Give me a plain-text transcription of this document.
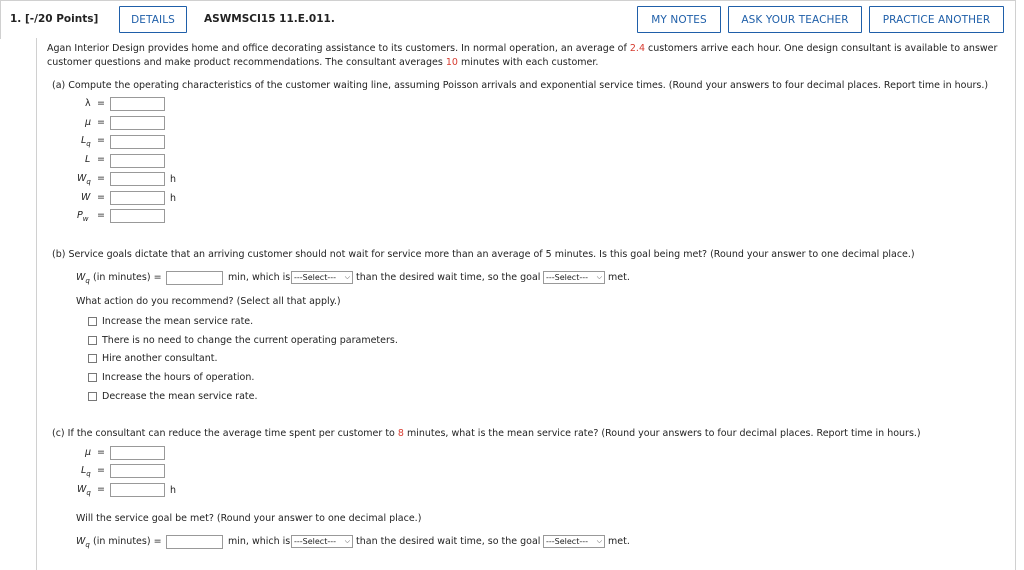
1. [-/20 Points]	DETAILS	ASWMSCI15 11.E.011.	MY NOTES	ASK YOUR TEACHER	PRACTICE ANOTHER
Agan Interior Design provides home and office decorating assistance to its customers. In normal operation, an average of 2.4 customers arrive each hour. One design consultant is available to answer
customer questions and make product recommendations. The consultant averages 10 minutes with each customer.
(a) Compute the operating characteristics of the customer waiting line, assuming Poisson arrivals and exponential service times. (Round your answers to four decimal places. Report time in hours.)
λ =
μ =
$L_q$ =
L =
$W_q$ =	h
W =	h
$P_w$ =
(b) Service goals dictate that an arriving customer should not wait for service more than an average of 5 minutes. Is this goal being met? (Round your answer to one decimal place.)
$W_q$ (in minutes) =	min, which is ---Select--- ⌵ than the desired wait time, so the goal ---Select--- ⌵ met.
What action do you recommend? (Select all that apply.)
Increase the mean service rate.
There is no need to change the current operating parameters.
Hire another consultant.
Increase the hours of operation.
Decrease the mean service rate.
(c) If the consultant can reduce the average time spent per customer to 8 minutes, what is the mean service rate? (Round your answers to four decimal places. Report time in hours.)
μ =
$L_q$ =
$W_q$ =	h
Will the service goal be met? (Round your answer to one decimal place.)
$W_q$ (in minutes) =	min, which is ---Select--- ⌵ than the desired wait time, so the goal ---Select--- ⌵ met.
